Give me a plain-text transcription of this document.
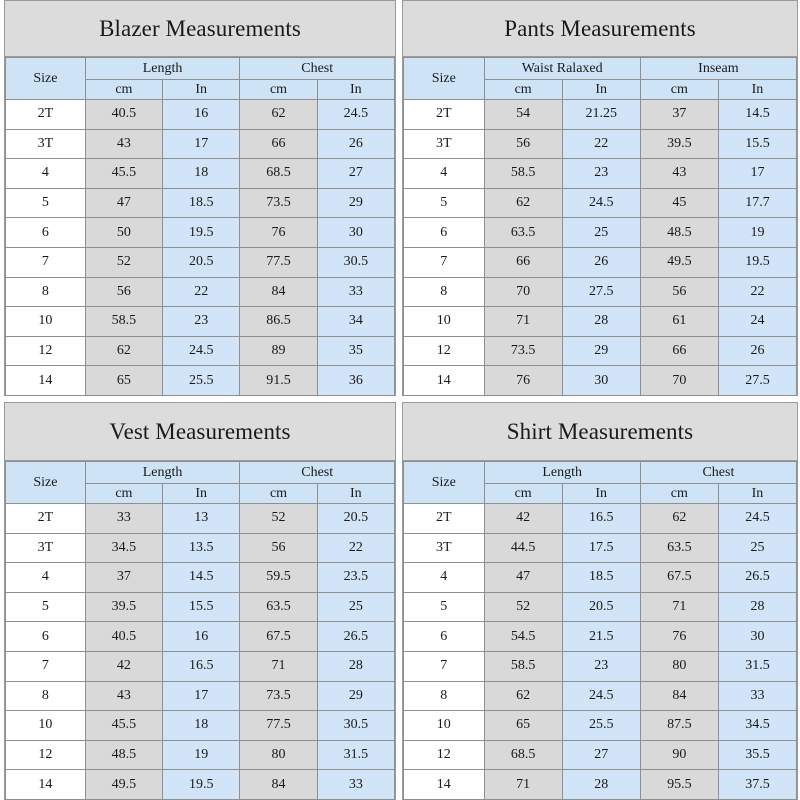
Blazer Measurements
Size	Length		Chest	
	cm	In	cm	In
2T	40.5	16	62	24.5
3T	43	17	66	26
4	45.5	18	68.5	27
5	47	18.5	73.5	29
6	50	19.5	76	30
7	52	20.5	77.5	30.5
8	56	22	84	33
10	58.5	23	86.5	34
12	62	24.5	89	35
14	65	25.5	91.5	36
Pants Measurements
Size	Waist Ralaxed		Inseam	
	cm	In	cm	In
2T	54	21.25	37	14.5
3T	56	22	39.5	15.5
4	58.5	23	43	17
5	62	24.5	45	17.7
6	63.5	25	48.5	19
7	66	26	49.5	19.5
8	70	27.5	56	22
10	71	28	61	24
12	73.5	29	66	26
14	76	30	70	27.5
Vest Measurements
Size	Length		Chest	
	cm	In	cm	In
2T	33	13	52	20.5
3T	34.5	13.5	56	22
4	37	14.5	59.5	23.5
5	39.5	15.5	63.5	25
6	40.5	16	67.5	26.5
7	42	16.5	71	28
8	43	17	73.5	29
10	45.5	18	77.5	30.5
12	48.5	19	80	31.5
14	49.5	19.5	84	33
Shirt Measurements
Size	Length		Chest	
	cm	In	cm	In
2T	42	16.5	62	24.5
3T	44.5	17.5	63.5	25
4	47	18.5	67.5	26.5
5	52	20.5	71	28
6	54.5	21.5	76	30
7	58.5	23	80	31.5
8	62	24.5	84	33
10	65	25.5	87.5	34.5
12	68.5	27	90	35.5
14	71	28	95.5	37.5
